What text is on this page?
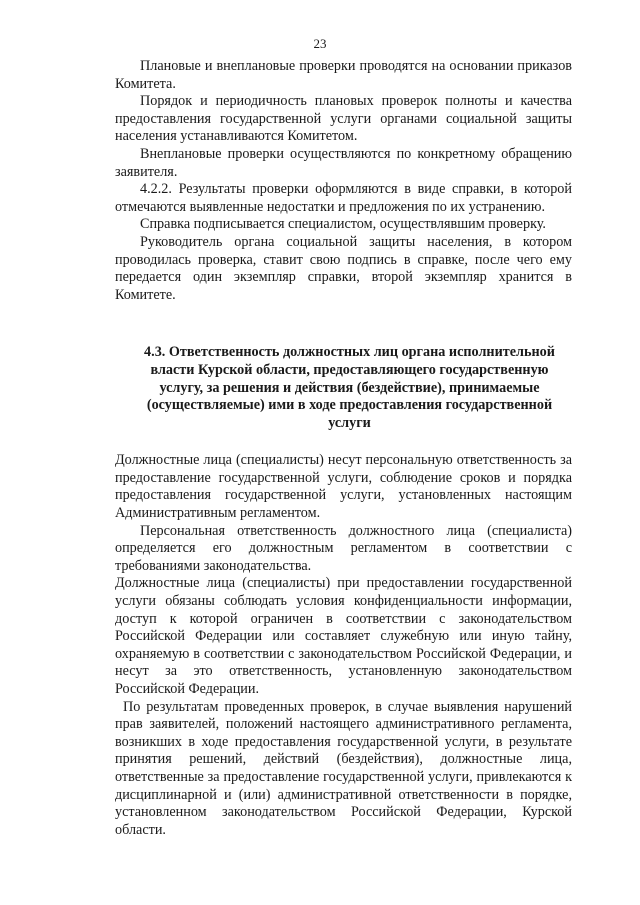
23

Плановые и внеплановые проверки проводятся на основании приказов Комитета.

Порядок и периодичность плановых проверок полноты и качества предоставления государственной услуги органами социальной защиты населения устанавливаются Комитетом.

Внеплановые проверки осуществляются по конкретному обращению заявителя.

4.2.2. Результаты проверки оформляются в виде справки, в которой отмечаются выявленные недостатки и предложения по их устранению.

Справка подписывается специалистом, осуществлявшим проверку.

Руководитель органа социальной защиты населения, в котором проводилась проверка, ставит свою подпись в справке, после чего ему передается один экземпляр справки, второй экземпляр хранится в Комитете.

4.3. Ответственность должностных лиц органа исполнительной власти Курской области, предоставляющего государственную услугу, за решения и действия (бездействие), принимаемые (осуществляемые) ими в ходе предоставления государственной услуги

Должностные лица (специалисты) несут персональную ответственность за предоставление государственной услуги, соблюдение сроков и порядка предоставления государственной услуги, установленных настоящим Административным регламентом.

Персональная ответственность должностного лица (специалиста) определяется его должностным регламентом в соответствии с требованиями законодательства.

Должностные лица (специалисты) при предоставлении государственной услуги обязаны соблюдать условия конфиденциальности информации, доступ к которой ограничен в соответствии с законодательством Российской Федерации или составляет служебную или иную тайну, охраняемую в соответствии с законодательством Российской Федерации, и несут за это ответственность, установленную законодательством Российской Федерации.

По результатам проведенных проверок, в случае выявления нарушений прав заявителей, положений настоящего административного регламента, возникших в ходе предоставления государственной услуги, в результате принятия решений, действий (бездействия), должностные лица, ответственные за предоставление государственной услуги, привлекаются к дисциплинарной и (или) административной ответственности в порядке, установленном законодательством Российской Федерации, Курской области.
